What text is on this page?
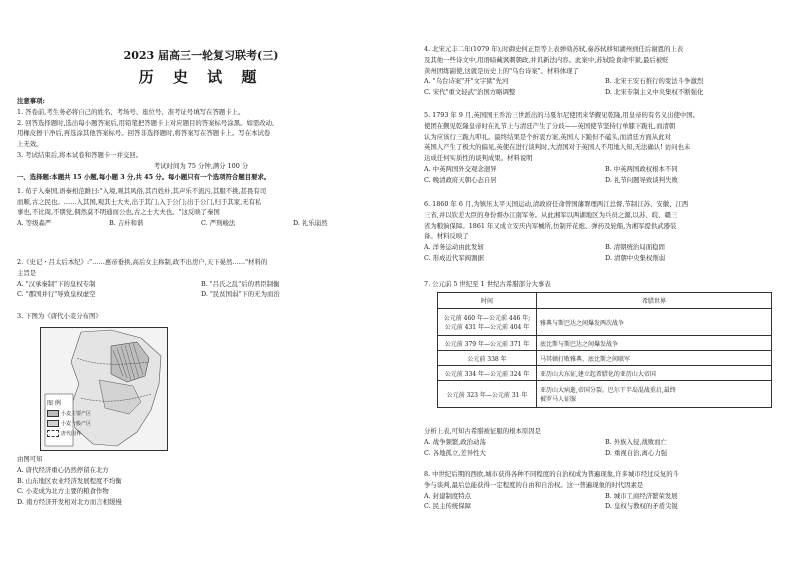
2023 届高三一轮复习联考(三)
历 史 试 题
注意事项:
1. 答卷前,考生务必将自己的姓名、考场号、座位号、准考证号填写在答题卡上。
2. 回答选择题时,选出每小题答案后,用铅笔把答题卡上对应题目的答案标号涂黑。如需改动,
用橡皮擦干净后,再选涂其他答案标号。回答非选择题时,将答案写在答题卡上。写在本试卷
上无效。
3. 考试结束后,将本试卷和答题卡一并交回。
考试时间为 75 分钟,满分 100 分
一、选择题:本题共 15 小题,每小题 3 分,共 45 分。每小题只有一个选项符合题目要求。
1. 荀子入秦国,语秦相范雎曰:"入境,观其风俗,其百姓朴,其声乐不流污,其服不挑,甚畏有司
而顺,古之民也。……入其国,观其士大夫,出于其门,入于公门;出于公门,归于其家,无有私
事也,不比周,不朋党,倜然莫不明通而公也,古之士大夫也。"这反映了秦国
A. 等级森严	B. 吉朴和谐	C. 严刑峻法	D. 礼乐崩然
2.《史记・吕太后本纪》:"……惠帝垂拱,高后女主称制,政不出房户,天下晏然……"材料的
主旨是
A. "汉承秦制"下的皇权专制	B. "吕氏之乱"后的君臣制衡
C. "郡国并行"导致皇权虚空	D. "民贫国弱"下的无为而治
3. 下图为《唐代小麦分布图》
图 例
小麦主要产区
小麦一般产区
唐代国界
由图可知
A. 唐代经济重心仍然停留在北方
B. 山东地区农业经济发展程度不均衡
C. 小麦成为北方主要的粮食作物
D. 南方经济开发相对北方而言相缓慢
4. 北宋元丰二年(1079 年),时御史何正臣等上表弹劾苏轼,奏苏轼移知湖州到任后谢恩的上表
及其他一些诗文中,用语暗藏讽刺朝政,并讥新法内容。此案中,苏轼险食命牢狱,最后被贬
黄州团练副使,这就是历史上的"乌台诗案"。材料体现了
A. "乌台诗案"开"文字狱"先河	B. 北宋王安石推行的变法斗争激烈
C. 宋代"重文轻武"治国方略调整	D. 北宋专制主义中央集权不断强化
5. 1793 年 9 月,英国国王乔治三世派出的马戛尔尼使团来华觐见乾隆,用皇帝的有名义出使中国。
使团在觐见乾隆皇帝时在礼节上与清廷产生了分歧——英国使节坚持行单膝下跪礼,而清朝
认为应该行三跪九叩礼。最终结果是个折衷方案,英国人下跪但不磕头,而清廷方面从此对
英国人产生了极大的偏见,英使在进行谈判时,大清国对于英国人不用地人知,无法确认! 访问也未
达成任何实质性的谈判成果。材料说明
A. 中英两国外交观念迥异	B. 中英两国政权根本不同
C. 晚清政府天朝心态自居	D. 礼节问题导致谈判失败
6. 1860 年 6 月,为镇压太平天国运动,清政府任命曾国藩署理两江总督,节制江苏、安徽、江西
三省,并以钦差大臣的身份督办江南军务。从此湘军以两湖地区为兵员之源,以苏、皖、赣三
省为粮饷保障。1861 年又成立安庆内军械所,仿制开花炮、弹药及轮船,为湘军提供武器装
备。材料反映了
A. 洋务运动由此发轫	B. 清朝统治局面稳固
C. 形成近代军阀割据	D. 清朝中央集权削弱
7. 公元前 5 世纪至 1 世纪古希腊部分大事表
时间	希腊世界

公元前 460 年—公元前 446 年;
公元前 431 年—公元前 404 年	雅典与斯巴达之间爆发两次战争
公元前 379 年—公元前 371 年	底比斯与斯巴达之间爆发战争
公元前 338 年	马其顿打败雅典、底比斯之间联军
公元前 334 年—公元前 324 年	亚历山大东征,建立起希腊化的亚历山大帝国
公元前 323 年—公元前 31 年	亚历山大病逝,帝国分裂。巴尔干半岛混战重启,最终
被罗马人征服
分析上表,可知古希腊被征服的根本原因是
A. 战争频繁,政治动荡	B. 外族入侵,战败而亡
C. 各地孤立,差异性大	D. 重视自治,离心力强
8. 中世纪后期的西欧,城市获得各种不同程度的自治权成为普遍现象,许多城市经过反复的斗
争与谈判,最后总能获得一定程度的自由和自治权。这一普遍现象的时代因素是
A. 封建制度特点	B. 城市工商经济繁荣发展
C. 民主传统保障	D. 皇权与教权的矛盾尖锐
